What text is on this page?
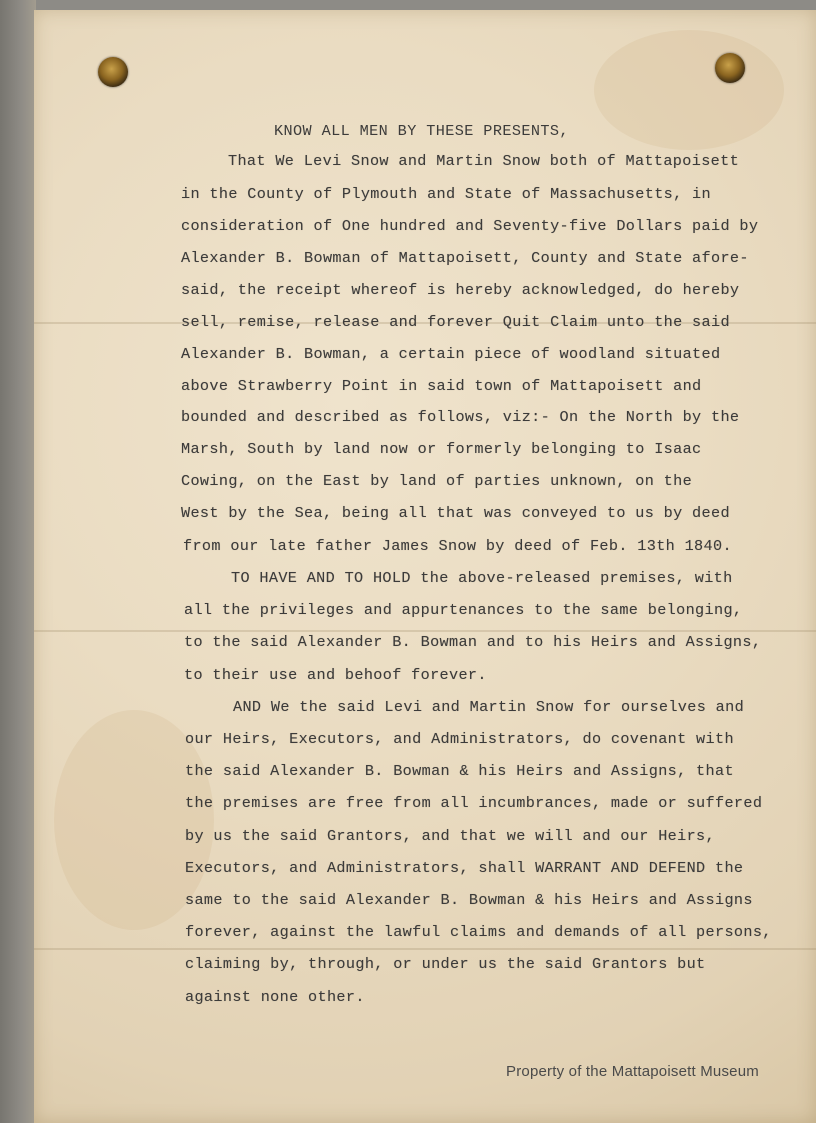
KNOW ALL MEN BY THESE PRESENTS,
That We Levi Snow and Martin Snow both of Mattapoisett
in the County of Plymouth and State of Massachusetts, in
consideration of One hundred and Seventy-five Dollars paid by
Alexander B. Bowman of Mattapoisett, County and State afore-
said, the receipt whereof is hereby acknowledged, do hereby
sell, remise, release and forever Quit Claim unto the said
Alexander B. Bowman, a certain piece of woodland situated
above Strawberry Point in said town of Mattapoisett and
bounded and described as follows, viz:- On the North by the
Marsh, South by land now or formerly belonging to Isaac
Cowing, on the East by land of parties unknown, on the
West by the Sea, being all that was conveyed to us by deed
from our late father James Snow by deed of Feb. 13th 1840.
TO HAVE AND TO HOLD the above-released premises, with
all the privileges and appurtenances to the same belonging,
to the said Alexander B. Bowman and to his Heirs and Assigns,
to their use and behoof forever.
AND We the said Levi and Martin Snow for ourselves and
our Heirs, Executors, and Administrators, do covenant with
the said Alexander B. Bowman & his Heirs and Assigns, that
the premises are free from all incumbrances, made or suffered
by us the said Grantors, and that we will and our Heirs,
Executors, and Administrators, shall WARRANT AND DEFEND the
same to the said Alexander B. Bowman & his Heirs and Assigns
forever, against the lawful claims and demands of all persons,
claiming by, through, or under us the said Grantors but
against none other.
Property of the Mattapoisett Museum
